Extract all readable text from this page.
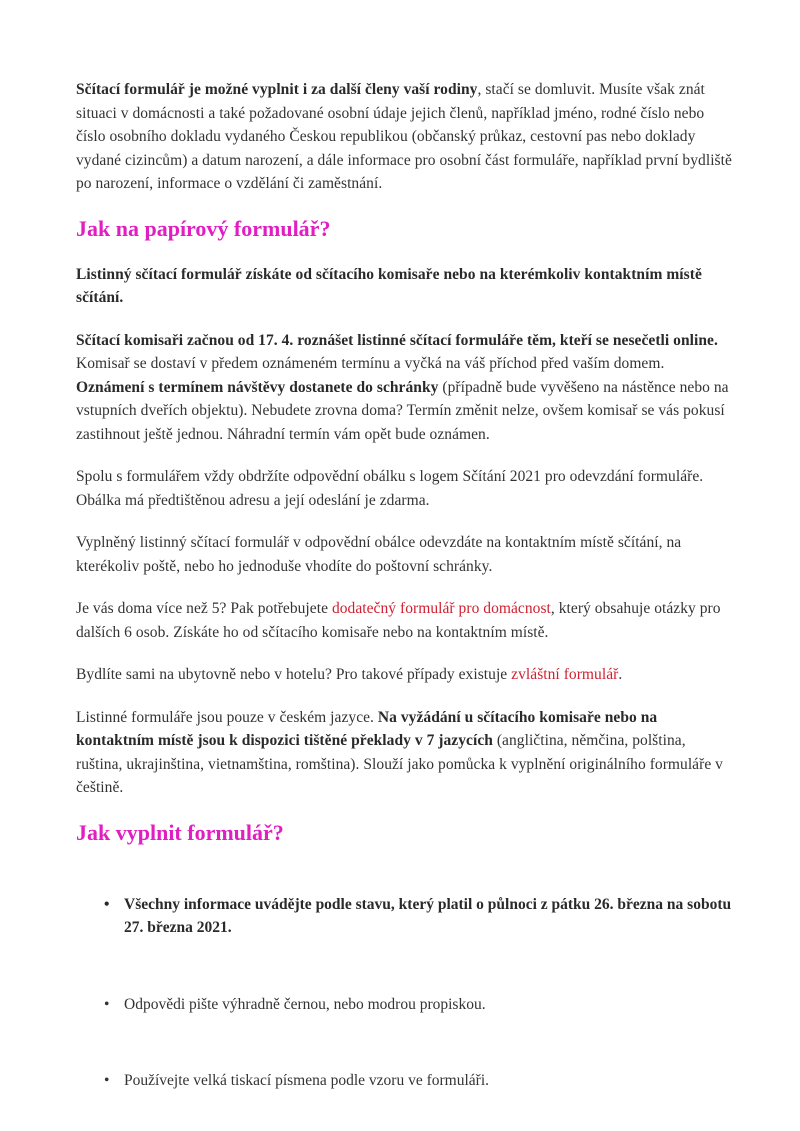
Sčítací formulář je možné vyplnit i za další členy vaší rodiny, stačí se domluvit. Musíte však znát situaci v domácnosti a také požadované osobní údaje jejich členů, například jméno, rodné číslo nebo číslo osobního dokladu vydaného Českou republikou (občanský průkaz, cestovní pas nebo doklady vydané cizincům) a datum narození, a dále informace pro osobní část formuláře, například první bydliště po narození, informace o vzdělání či zaměstnání.

Jak na papírový formulář?

Listinný sčítací formulář získáte od sčítacího komisaře nebo na kterémkoliv kontaktním místě sčítání.

Sčítací komisaři začnou od 17. 4. roznášet listinné sčítací formuláře těm, kteří se nesečetli online. Komisař se dostaví v předem oznámeném termínu a vyčká na váš příchod před vaším domem. Oznámení s termínem návštěvy dostanete do schránky (případně bude vyvěšeno na nástěnce nebo na vstupních dveřích objektu). Nebudete zrovna doma? Termín změnit nelze, ovšem komisař se vás pokusí zastihnout ještě jednou. Náhradní termín vám opět bude oznámen.

Spolu s formulářem vždy obdržíte odpovědní obálku s logem Sčítání 2021 pro odevzdání formuláře. Obálka má předtištěnou adresu a její odeslání je zdarma.

Vyplněný listinný sčítací formulář v odpovědní obálce odevzdáte na kontaktním místě sčítání, na kterékoliv poště, nebo ho jednoduše vhodíte do poštovní schránky.

Je vás doma více než 5? Pak potřebujete dodatečný formulář pro domácnost, který obsahuje otázky pro dalších 6 osob. Získáte ho od sčítacího komisaře nebo na kontaktním místě.

Bydlíte sami na ubytovně nebo v hotelu? Pro takové případy existuje zvláštní formulář.

Listinné formuláře jsou pouze v českém jazyce. Na vyžádání u sčítacího komisaře nebo na kontaktním místě jsou k dispozici tištěné překlady v 7 jazycích (angličtina, němčina, polština, ruština, ukrajinština, vietnamština, romština). Slouží jako pomůcka k vyplnění originálního formuláře v češtině.

Jak vyplnit formulář?
• Všechny informace uvádějte podle stavu, který platil o půlnoci z pátku 26. března na sobotu 27. března 2021.
• Odpovědi pište výhradně černou, nebo modrou propiskou.
• Používejte velká tiskací písmena podle vzoru ve formuláři.
